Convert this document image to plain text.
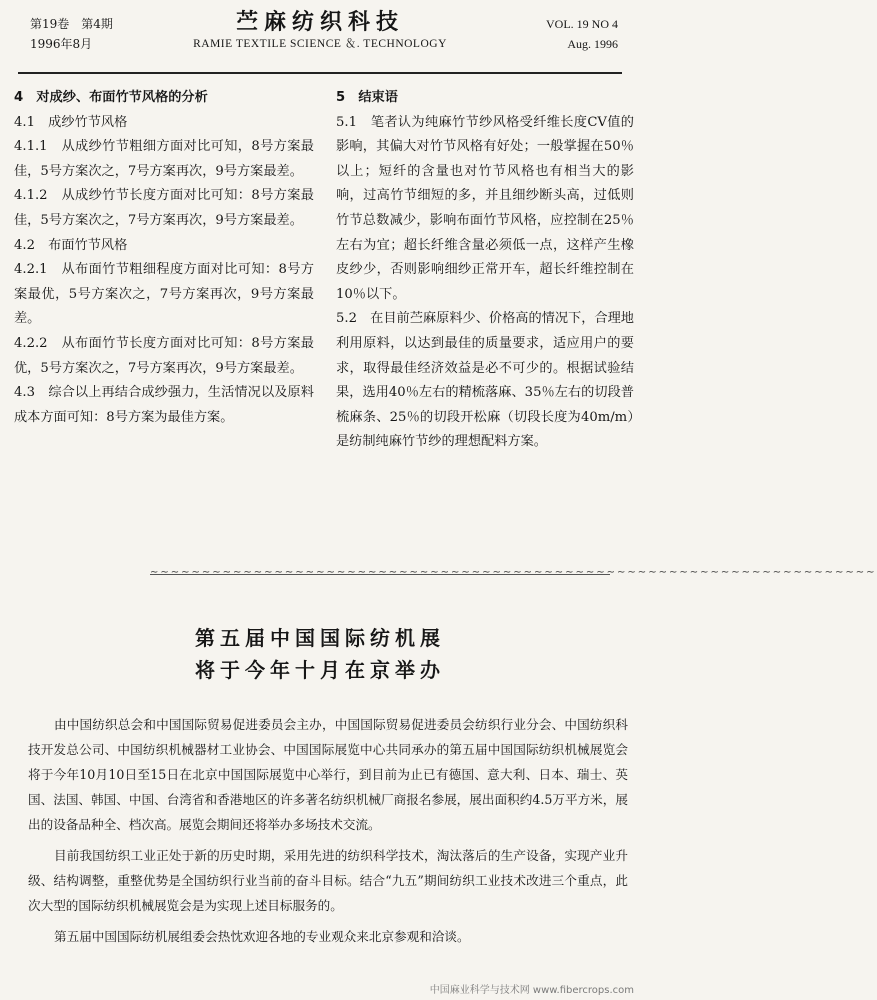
第19卷　第4期
1996年8月
苎麻纺织科技
RAMIE TEXTILE SCIENCE ＆. TECHNOLOGY
VOL. 19 NO 4
Aug. 1996
4　对成纱、布面竹节风格的分析

4.1　成纱竹节风格

4.1.1　从成纱竹节粗细方面对比可知，8号方案最佳，5号方案次之，7号方案再次，9号方案最差。

4.1.2　从成纱竹节长度方面对比可知：8号方案最佳，5号方案次之，7号方案再次，9号方案最差。

4.2　布面竹节风格

4.2.1　从布面竹节粗细程度方面对比可知：8号方案最优，5号方案次之，7号方案再次，9号方案最差。

4.2.2　从布面竹节长度方面对比可知：8号方案最优，5号方案次之，7号方案再次，9号方案最差。

4.3　综合以上再结合成纱强力，生活情况以及原料成本方面可知：8号方案为最佳方案。

5　结束语

5.1　笔者认为纯麻竹节纱风格受纤维长度CV值的影响，其偏大对竹节风格有好处；一般掌握在50％以上；短纤的含量也对竹节风格也有相当大的影响，过高竹节细短的多，并且细纱断头高，过低则竹节总数减少，影响布面竹节风格，应控制在25％左右为宜；超长纤维含量必须低一点，这样产生橡皮纱少，否则影响细纱正常开车，超长纤维控制在10％以下。

5.2　在目前苎麻原料少、价格高的情况下，合理地利用原料，以达到最佳的质量要求，适应用户的要求，取得最佳经济效益是必不可少的。根据试验结果，选用40％左右的精梳落麻、35％左右的切段普梳麻条、25％的切段开松麻（切段长度为40m/m）是纺制纯麻竹节纱的理想配料方案。

∼∼∼∼∼∼∼∼∼∼∼∼∼∼∼∼∼∼∼∼∼∼∼∼∼∼∼∼∼∼∼∼∼∼∼∼∼∼∼∼∼∼∼∼∼∼∼∼∼∼∼∼∼∼∼∼∼∼∼∼∼∼∼∼∼∼∼∼∼∼
第五届中国国际纺机展
将于今年十月在京举办

由中国纺织总会和中国国际贸易促进委员会主办，中国国际贸易促进委员会纺织行业分会、中国纺织科技开发总公司、中国纺织机械器材工业协会、中国国际展览中心共同承办的第五届中国国际纺织机械展览会将于今年10月10日至15日在北京中国国际展览中心举行，到目前为止已有德国、意大利、日本、瑞士、英国、法国、韩国、中国、台湾省和香港地区的许多著名纺织机械厂商报名参展，展出面积约4.5万平方米，展出的设备品种全、档次高。展览会期间还将举办多场技术交流。

目前我国纺织工业正处于新的历史时期，采用先进的纺织科学技术，淘汰落后的生产设备，实现产业升级、结构调整，重整优势是全国纺织行业当前的奋斗目标。结合“九五”期间纺织工业技术改进三个重点，此次大型的国际纺织机械展览会是为实现上述目标服务的。

第五届中国国际纺机展组委会热忱欢迎各地的专业观众来北京参观和洽谈。

中国麻业科学与技术网 www.fibercrops.com
